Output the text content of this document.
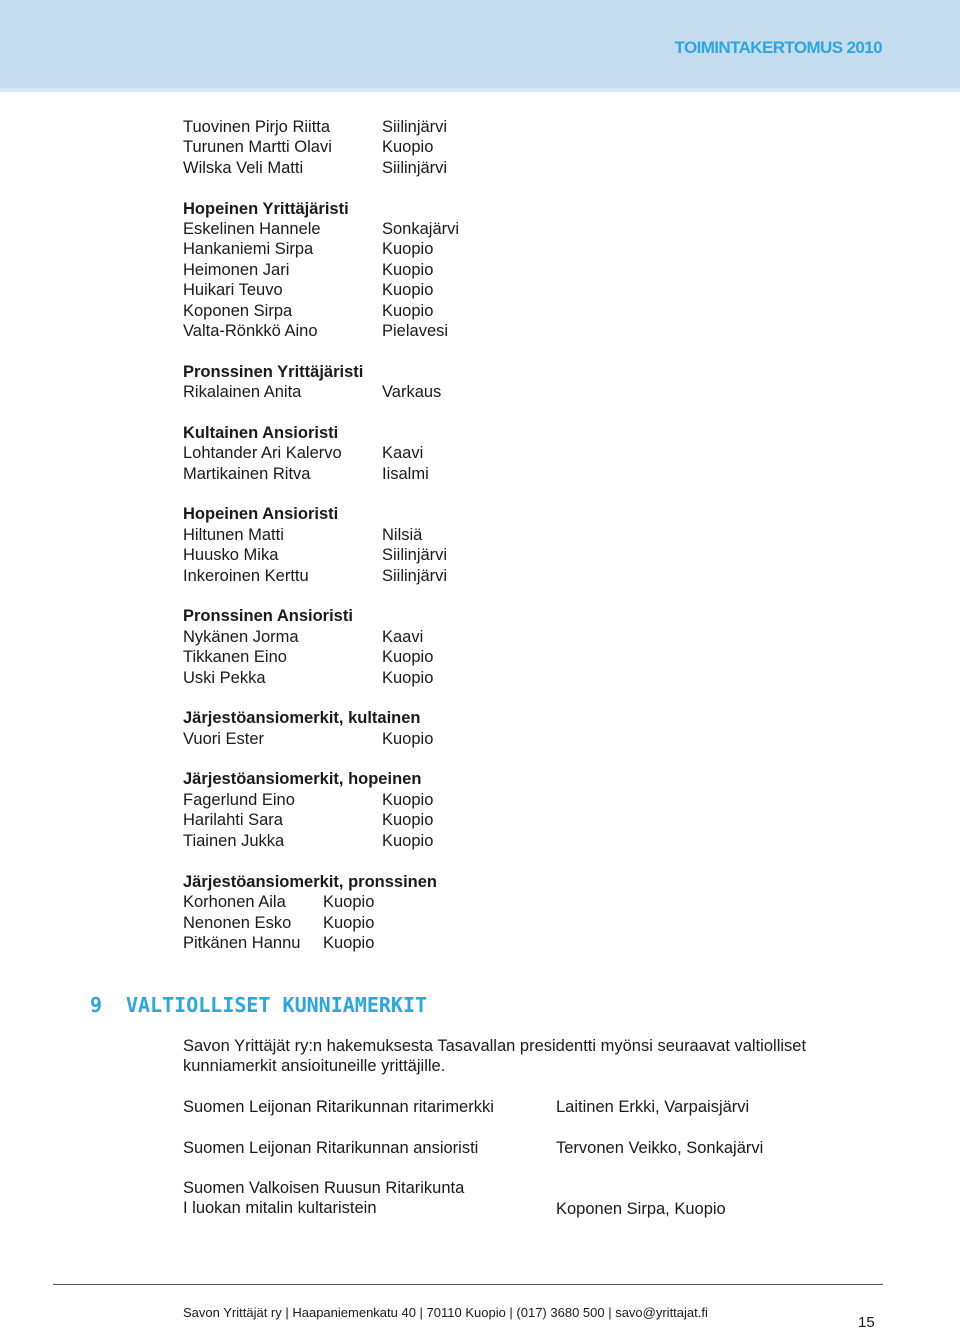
TOIMINTAKERTOMUS 2010
Tuovinen Pirjo Riitta	Siilinjärvi
Turunen Martti Olavi	Kuopio
Wilska Veli Matti	Siilinjärvi
Hopeinen Yrittäjäristi
Eskelinen Hannele	Sonkajärvi
Hankaniemi Sirpa	Kuopio
Heimonen Jari	Kuopio
Huikari Teuvo	Kuopio
Koponen Sirpa	Kuopio
Valta-Rönkkö Aino	Pielavesi
Pronssinen Yrittäjäristi
Rikalainen Anita	Varkaus
Kultainen Ansioristi
Lohtander Ari Kalervo Kaavi
Martikainen Ritva	Iisalmi
Hopeinen Ansioristi
Hiltunen Matti	Nilsiä
Huusko Mika	Siilinjärvi
Inkeroinen Kerttu	Siilinjärvi
Pronssinen Ansioristi
Nykänen Jorma	Kaavi
Tikkanen Eino	Kuopio
Uski Pekka	Kuopio
Järjestöansiomerkit, kultainen
Vuori Ester	Kuopio
Järjestöansiomerkit, hopeinen
Fagerlund Eino	Kuopio
Harilahti Sara	Kuopio
Tiainen Jukka	Kuopio
Järjestöansiomerkit, pronssinen
Korhonen Aila Kuopio
Nenonen Esko Kuopio
Pitkänen Hannu Kuopio
9 VALTIOLLISET KUNNIAMERKIT
Savon Yrittäjät ry:n hakemuksesta Tasavallan presidentti myönsi seuraavat valtiolliset kunniamerkit ansioituneille yrittäjille.
Suomen Leijonan Ritarikunnan ritarimerkki	Laitinen Erkki, Varpaisjärvi
Suomen Leijonan Ritarikunnan ansioristi	Tervonen Veikko, Sonkajärvi
Suomen Valkoisen Ruusun Ritarikunta
I luokan mitalin kultaristein	Koponen Sirpa, Kuopio
Savon Yrittäjät ry | Haapaniemenkatu 40 | 70110 Kuopio | (017) 3680 500 | savo@yrittajat.fi
15
